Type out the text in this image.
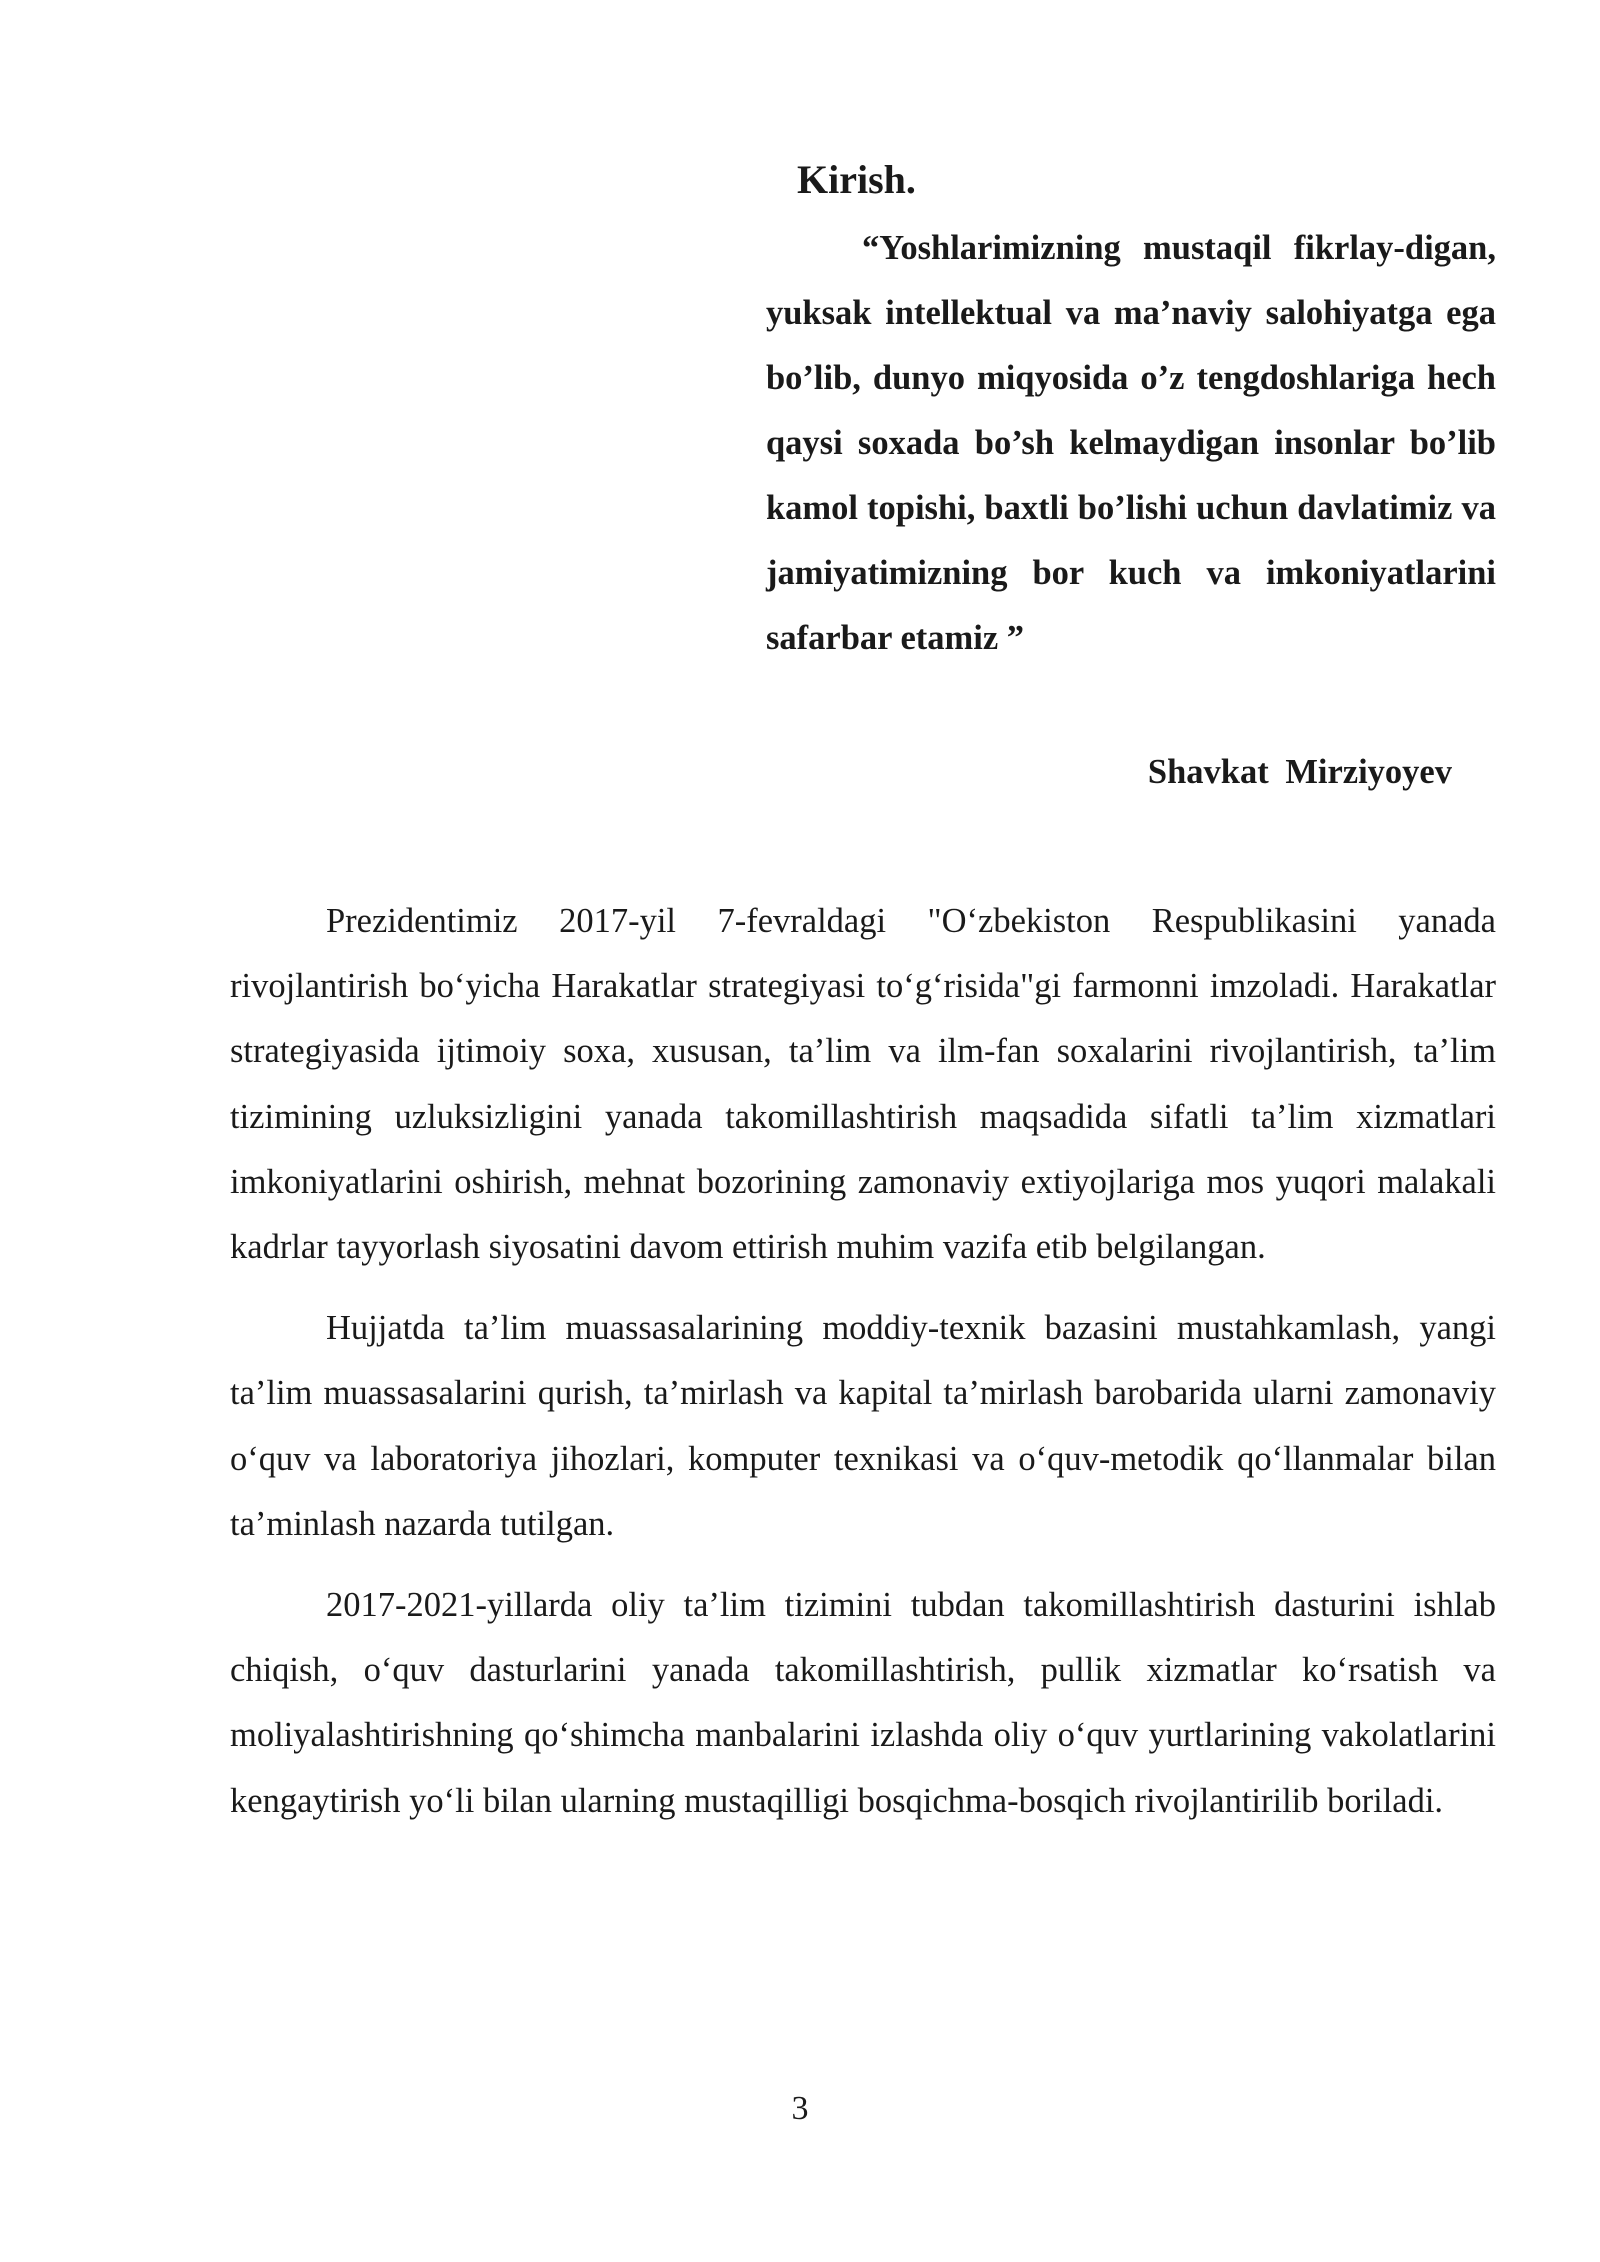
Kirish.

“Yoshlarimizning mustaqil fikrlay-digan, yuksak intellektual va ma’naviy salohiyatga ega bo’lib, dunyo miqyosida o’z tengdoshlariga hech qaysi soxada bo’sh kelmaydigan insonlar bo’lib kamol topishi, baxtli bo’lishi uchun davlatimiz va jamiyatimizning bor kuch va imkoniyatlarini safarbar etamiz ”

Shavkat Mirziyoyev

Prezidentimiz 2017-yil 7-fevraldagi "O‘zbekiston Respublikasini yanada rivojlantirish bo‘yicha Harakatlar strategiyasi to‘g‘risida"gi farmonni imzoladi. Harakatlar strategiyasida ijtimoiy soxa, xususan, ta’lim va ilm-fan soxalarini rivojlantirish, ta’lim tizimining uzluksizligini yanada takomillashtirish maqsadida sifatli ta’lim xizmatlari imkoniyatlarini oshirish, mehnat bozorining zamonaviy extiyojlariga mos yuqori malakali kadrlar tayyorlash siyosatini davom ettirish muhim vazifa etib belgilangan.

Hujjatda ta’lim muassasalarining moddiy-texnik bazasini mustahkamlash, yangi ta’lim muassasalarini qurish, ta’mirlash va kapital ta’mirlash barobarida ularni zamonaviy o‘quv va laboratoriya jihozlari, komputer texnikasi va o‘quv-metodik qo‘llanmalar bilan ta’minlash nazarda tutilgan.

2017-2021-yillarda oliy ta’lim tizimini tubdan takomillashtirish dasturini ishlab chiqish, o‘quv dasturlarini yanada takomillashtirish, pullik xizmatlar ko‘rsatish va moliyalashtirishning qo‘shimcha manbalarini izlashda oliy o‘quv yurtlarining vakolatlarini kengaytirish yo‘li bilan ularning mustaqilligi bosqichma-bosqich rivojlantirilib boriladi.

3
